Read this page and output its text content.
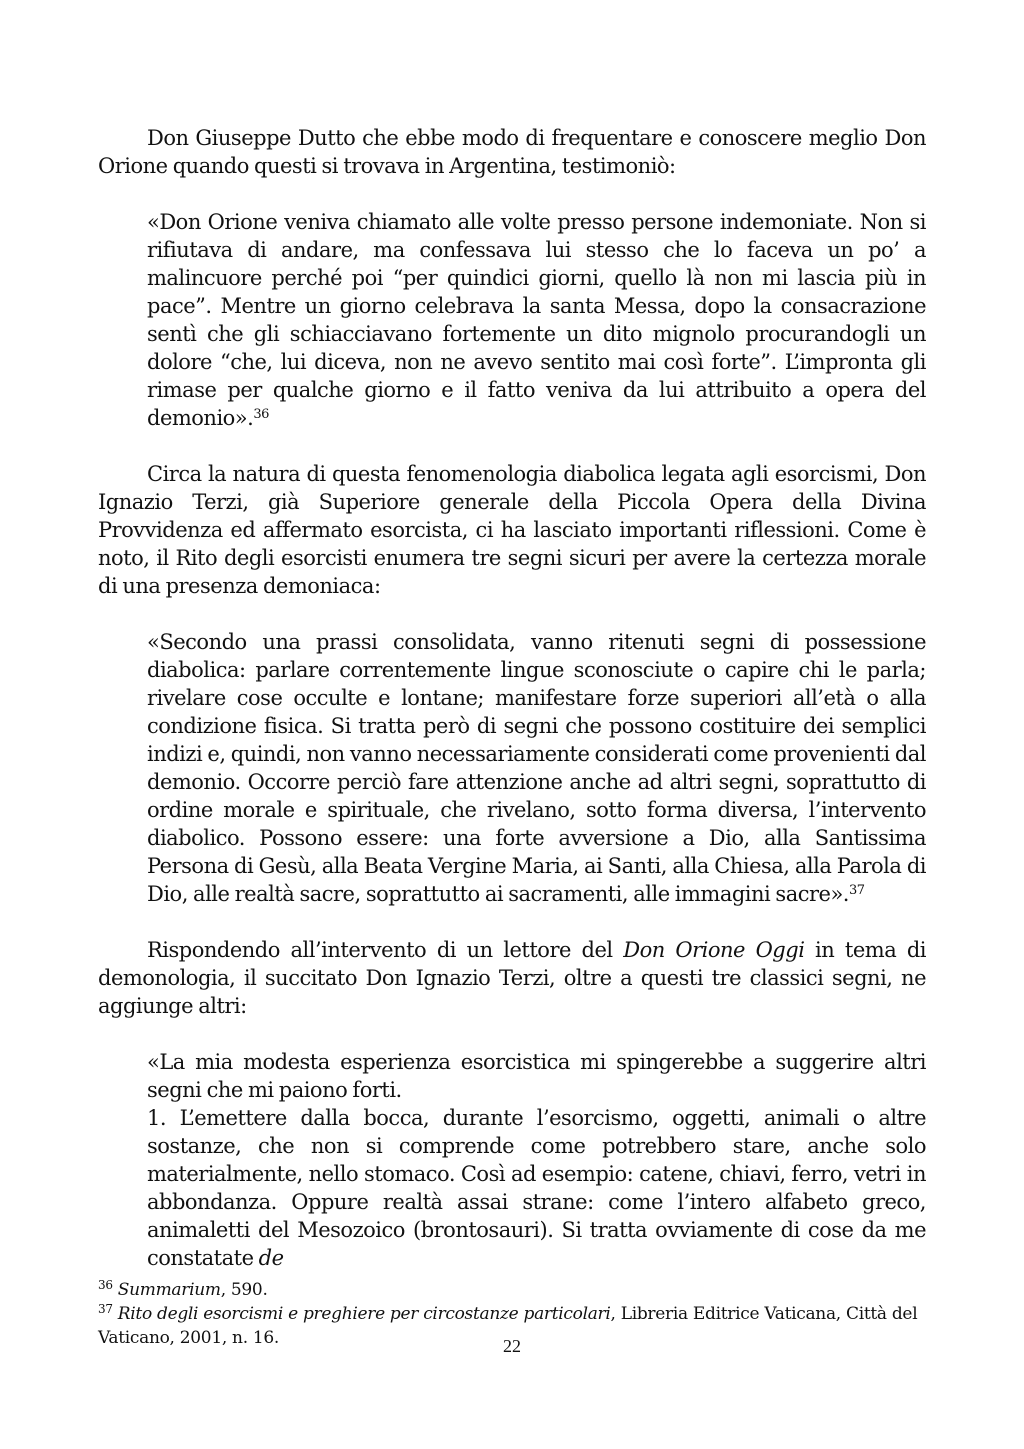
Don Giuseppe Dutto che ebbe modo di frequentare e conoscere meglio Don Orione quando questi si trovava in Argentina, testimoniò:

«Don Orione veniva chiamato alle volte presso persone indemoniate. Non si rifiutava di andare, ma confessava lui stesso che lo faceva un po’ a malincuore perché poi “per quindici giorni, quello là non mi lascia più in pace”. Mentre un giorno celebrava la santa Messa, dopo la consacrazione sentì che gli schiacciavano fortemente un dito mignolo procurandogli un dolore “che, lui diceva, non ne avevo sentito mai così forte”. L’impronta gli rimase per qualche giorno e il fatto veniva da lui attribuito a opera del demonio».$^{36}$

Circa la natura di questa fenomenologia diabolica legata agli esorcismi, Don Ignazio Terzi, già Superiore generale della Piccola Opera della Divina Provvidenza ed affermato esorcista, ci ha lasciato importanti riflessioni. Come è noto, il Rito degli esorcisti enumera tre segni sicuri per avere la certezza morale di una presenza demoniaca:

«Secondo una prassi consolidata, vanno ritenuti segni di possessione diabolica: parlare correntemente lingue sconosciute o capire chi le parla; rivelare cose occulte e lontane; manifestare forze superiori all’età o alla condizione fisica. Si tratta però di segni che possono costituire dei semplici indizi e, quindi, non vanno necessariamente considerati come provenienti dal demonio. Occorre perciò fare attenzione anche ad altri segni, soprattutto di ordine morale e spirituale, che rivelano, sotto forma diversa, l’intervento diabolico. Possono essere: una forte avversione a Dio, alla Santissima Persona di Gesù, alla Beata Vergine Maria, ai Santi, alla Chiesa, alla Parola di Dio, alle realtà sacre, soprattutto ai sacramenti, alle immagini sacre».$^{37}$

Rispondendo all’intervento di un lettore del Don Orione Oggi in tema di demonologia, il succitato Don Ignazio Terzi, oltre a questi tre classici segni, ne aggiunge altri:

«La mia modesta esperienza esorcistica mi spingerebbe a suggerire altri segni che mi paiono forti.

1. L’emettere dalla bocca, durante l’esorcismo, oggetti, animali o altre sostanze, che non si comprende come potrebbero stare, anche solo materialmente, nello stomaco. Così ad esempio: catene, chiavi, ferro, vetri in abbondanza. Oppure realtà assai strane: come l’intero alfabeto greco, animaletti del Mesozoico (brontosauri). Si tratta ovviamente di cose da me constatate de

$^{36}$ Summarium, 590.

$^{37}$ Rito degli esorcismi e preghiere per circostanze particolari, Libreria Editrice Vaticana, Città del Vaticano, 2001, n. 16.	22
